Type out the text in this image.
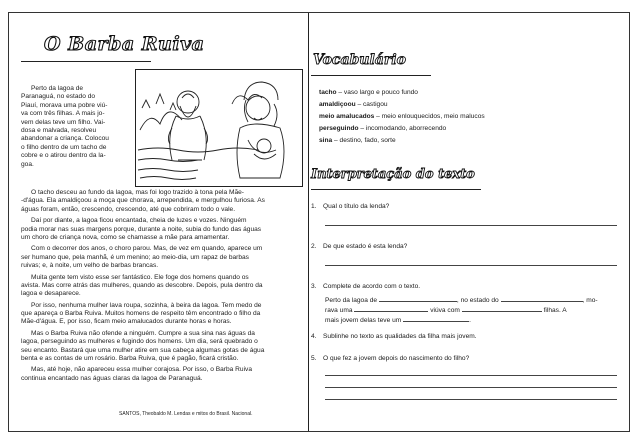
O Barba Ruiva
Perto da lagoa de
Paranaguá, no estado do
Piauí, morava uma pobre viú-
va com três filhas. A mais jo-
vem delas teve um filho. Vai-
dosa e malvada, resolveu
abandonar a criança. Colocou
o filho dentro de um tacho de
cobre e o atirou dentro da la-
goa.
O tacho desceu ao fundo da lagoa, mas foi logo trazido à tona pela Mãe-
-d'água. Ela amaldiçoou a moça que chorava, arrependida, e mergulhou furiosa. As
águas foram, então, crescendo, crescendo, até que cobriram todo o vale.
Daí por diante, a lagoa ficou encantada, cheia de luzes e vozes. Ninguém
podia morar nas suas margens porque, durante a noite, subia do fundo das águas
um choro de criança nova, como se chamasse a mãe para amamentar.
Com o decorrer dos anos, o choro parou. Mas, de vez em quando, aparece um
ser humano que, pela manhã, é um menino; ao meio-dia, um rapaz de barbas
ruivas; e, à noite, um velho de barbas brancas.
Muita gente tem visto esse ser fantástico. Ele foge dos homens quando os
avista. Mas corre atrás das mulheres, quando as descobre. Depois, pula dentro da
lagoa e desaparece.
Por isso, nenhuma mulher lava roupa, sozinha, à beira da lagoa. Tem medo de
que apareça o Barba Ruiva. Muitos homens de respeito têm encontrado o filho da
Mãe-d'água. E, por isso, ficam meio amalucados durante horas e horas.
Mas o Barba Ruiva não ofende a ninguém. Cumpre a sua sina nas águas da
lagoa, perseguindo as mulheres e fugindo dos homens. Um dia, será quebrado o
seu encanto. Bastará que uma mulher atire em sua cabeça algumas gotas de água
benta e as contas de um rosário. Barba Ruiva, que é pagão, ficará cristão.
Mas, até hoje, não apareceu essa mulher corajosa. Por isso, o Barba Ruiva
continua encantado nas águas claras da lagoa de Paranaguá.
SANTOS, Theobaldo M. Lendas e mitos do Brasil. Nacional.
Vocabulário
tacho – vaso largo e pouco fundo
amaldiçoou – castigou
meio amalucados – meio enlouquecidos, meio malucos
perseguindo – incomodando, aborrecendo
sina – destino, fado, sorte
Interpretação do texto
1. Qual o título da lenda?
2. De que estado é esta lenda?
3. Complete de acordo com o texto.
Perto da lagoa de	, no estado do	, mo-
rava uma	viúva com	filhas. A
mais jovem delas teve um	.
4. Sublinhe no texto as qualidades da filha mais jovem.
5. O que fez a jovem depois do nascimento do filho?
